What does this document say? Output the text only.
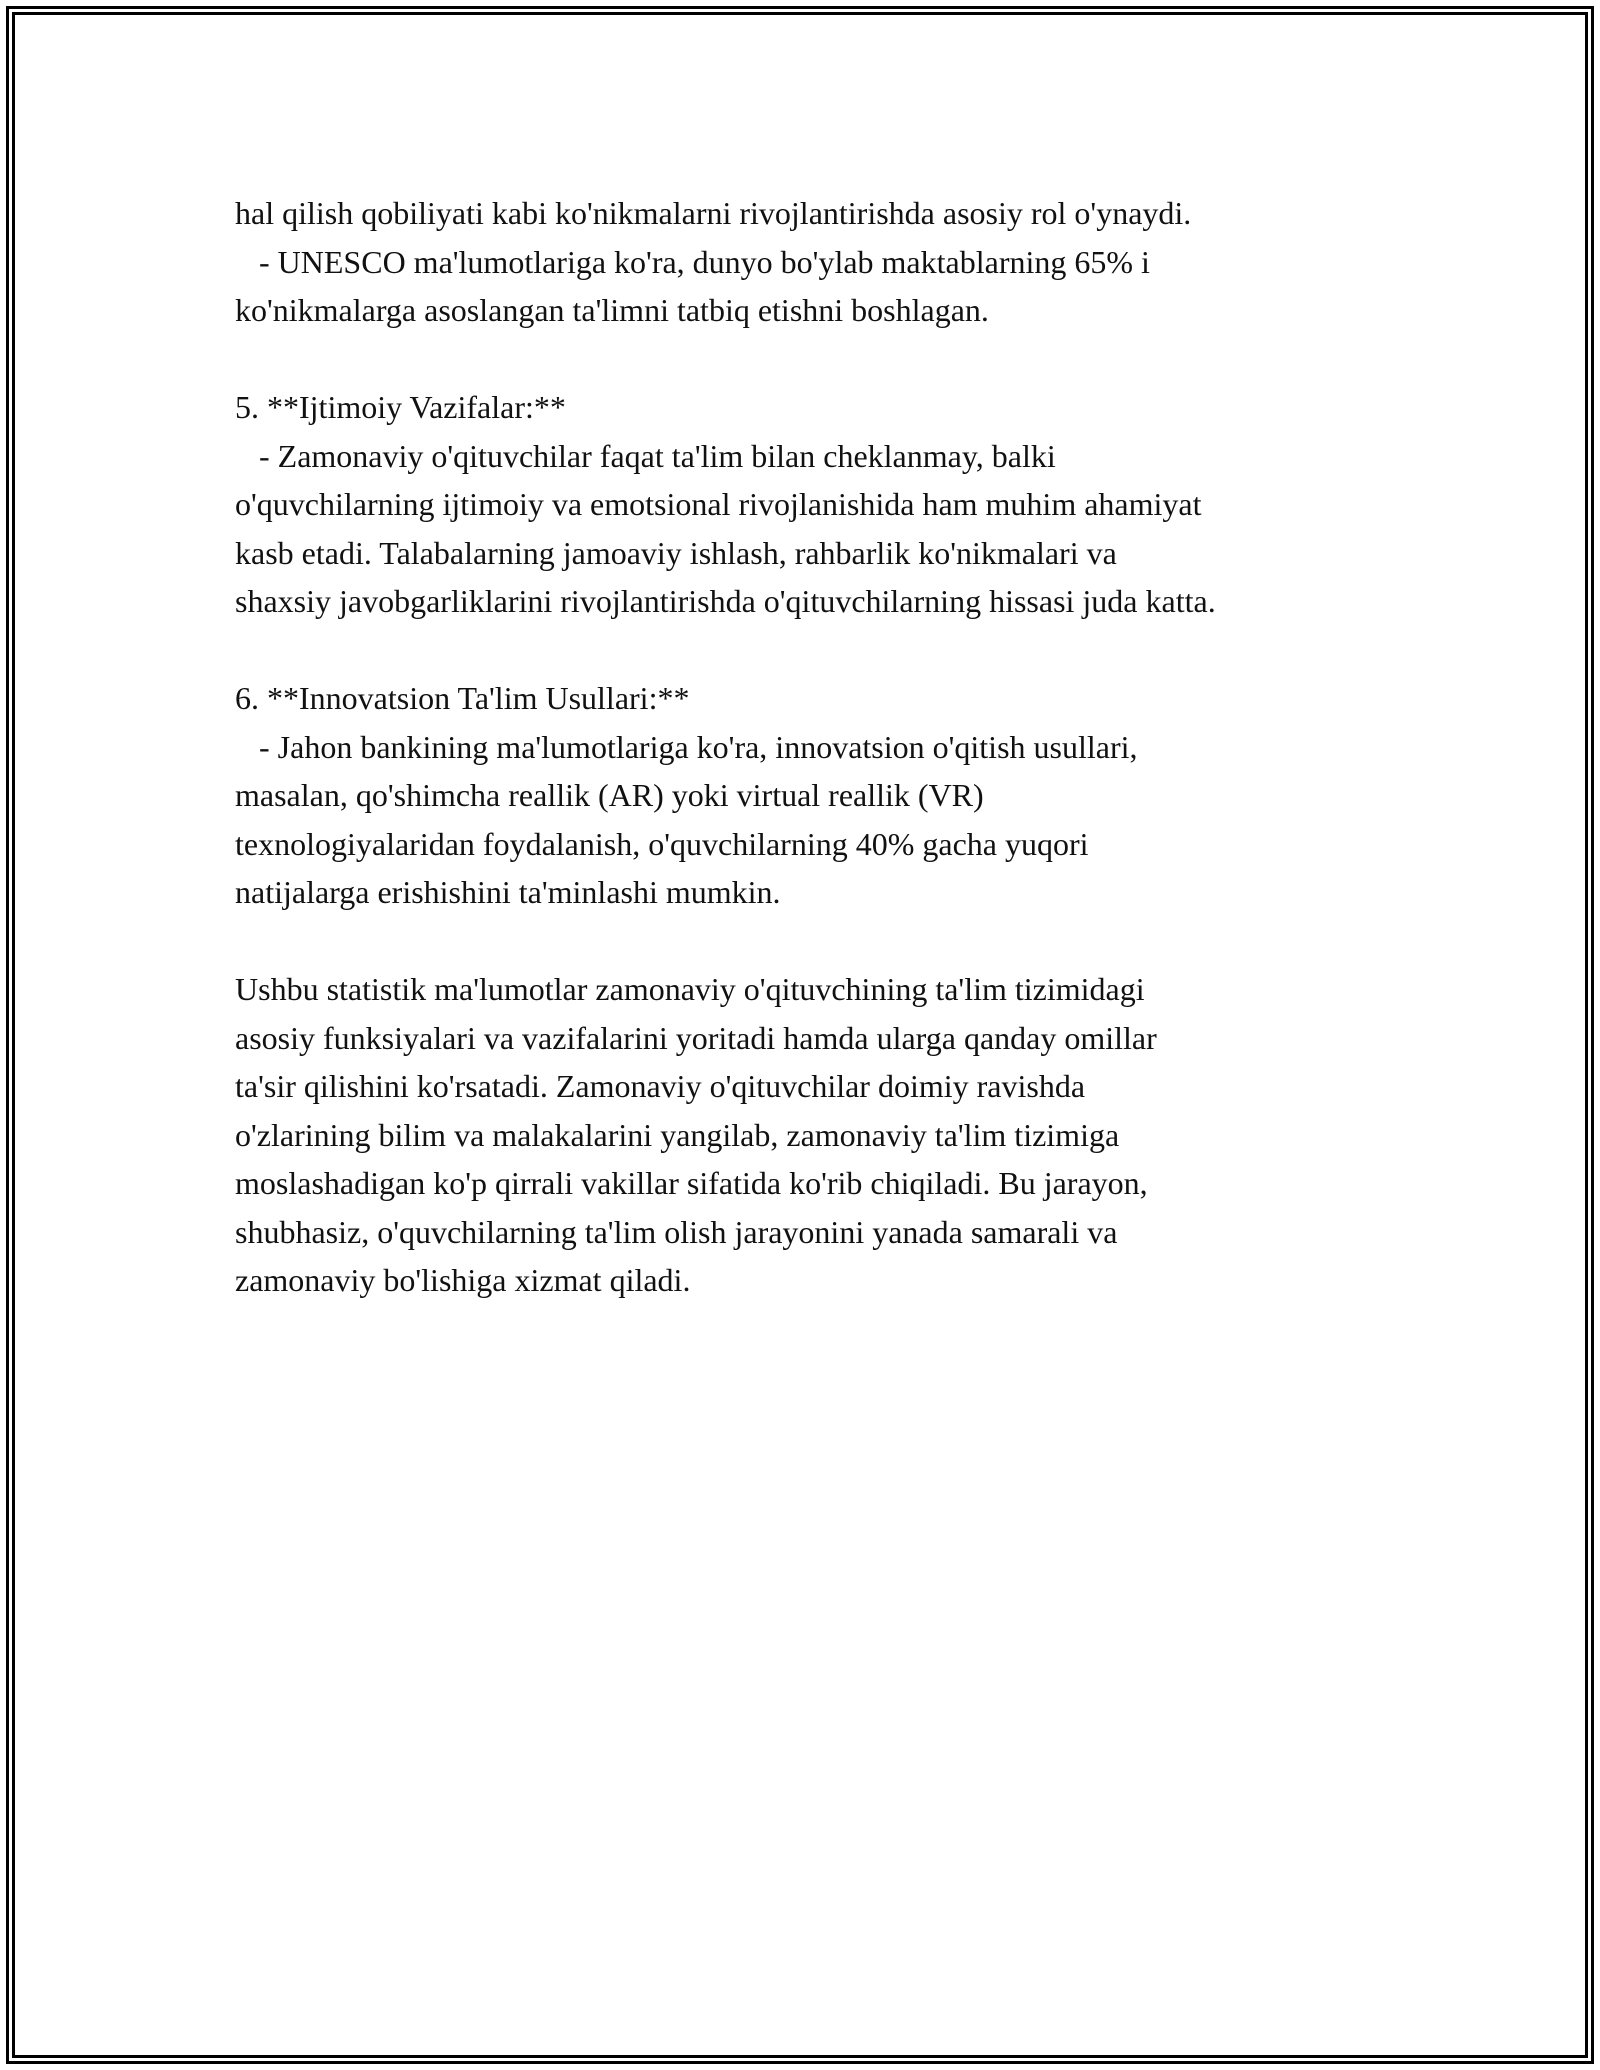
hal qilish qobiliyati kabi ko'nikmalarni rivojlantirishda asosiy rol o'ynaydi.
- UNESCO ma'lumotlariga ko'ra, dunyo bo'ylab maktablarning 65% i
ko'nikmalarga asoslangan ta'limni tatbiq etishni boshlagan.
5. **Ijtimoiy Vazifalar:**
- Zamonaviy o'qituvchilar faqat ta'lim bilan cheklanmay, balki
o'quvchilarning ijtimoiy va emotsional rivojlanishida ham muhim ahamiyat
kasb etadi. Talabalarning jamoaviy ishlash, rahbarlik ko'nikmalari va
shaxsiy javobgarliklarini rivojlantirishda o'qituvchilarning hissasi juda katta.
6. **Innovatsion Ta'lim Usullari:**
- Jahon bankining ma'lumotlariga ko'ra, innovatsion o'qitish usullari,
masalan, qo'shimcha reallik (AR) yoki virtual reallik (VR)
texnologiyalaridan foydalanish, o'quvchilarning 40% gacha yuqori
natijalarga erishishini ta'minlashi mumkin.
Ushbu statistik ma'lumotlar zamonaviy o'qituvchining ta'lim tizimidagi
asosiy funksiyalari va vazifalarini yoritadi hamda ularga qanday omillar
ta'sir qilishini ko'rsatadi. Zamonaviy o'qituvchilar doimiy ravishda
o'zlarining bilim va malakalarini yangilab, zamonaviy ta'lim tizimiga
moslashadigan ko'p qirrali vakillar sifatida ko'rib chiqiladi. Bu jarayon,
shubhasiz, o'quvchilarning ta'lim olish jarayonini yanada samarali va
zamonaviy bo'lishiga xizmat qiladi.
